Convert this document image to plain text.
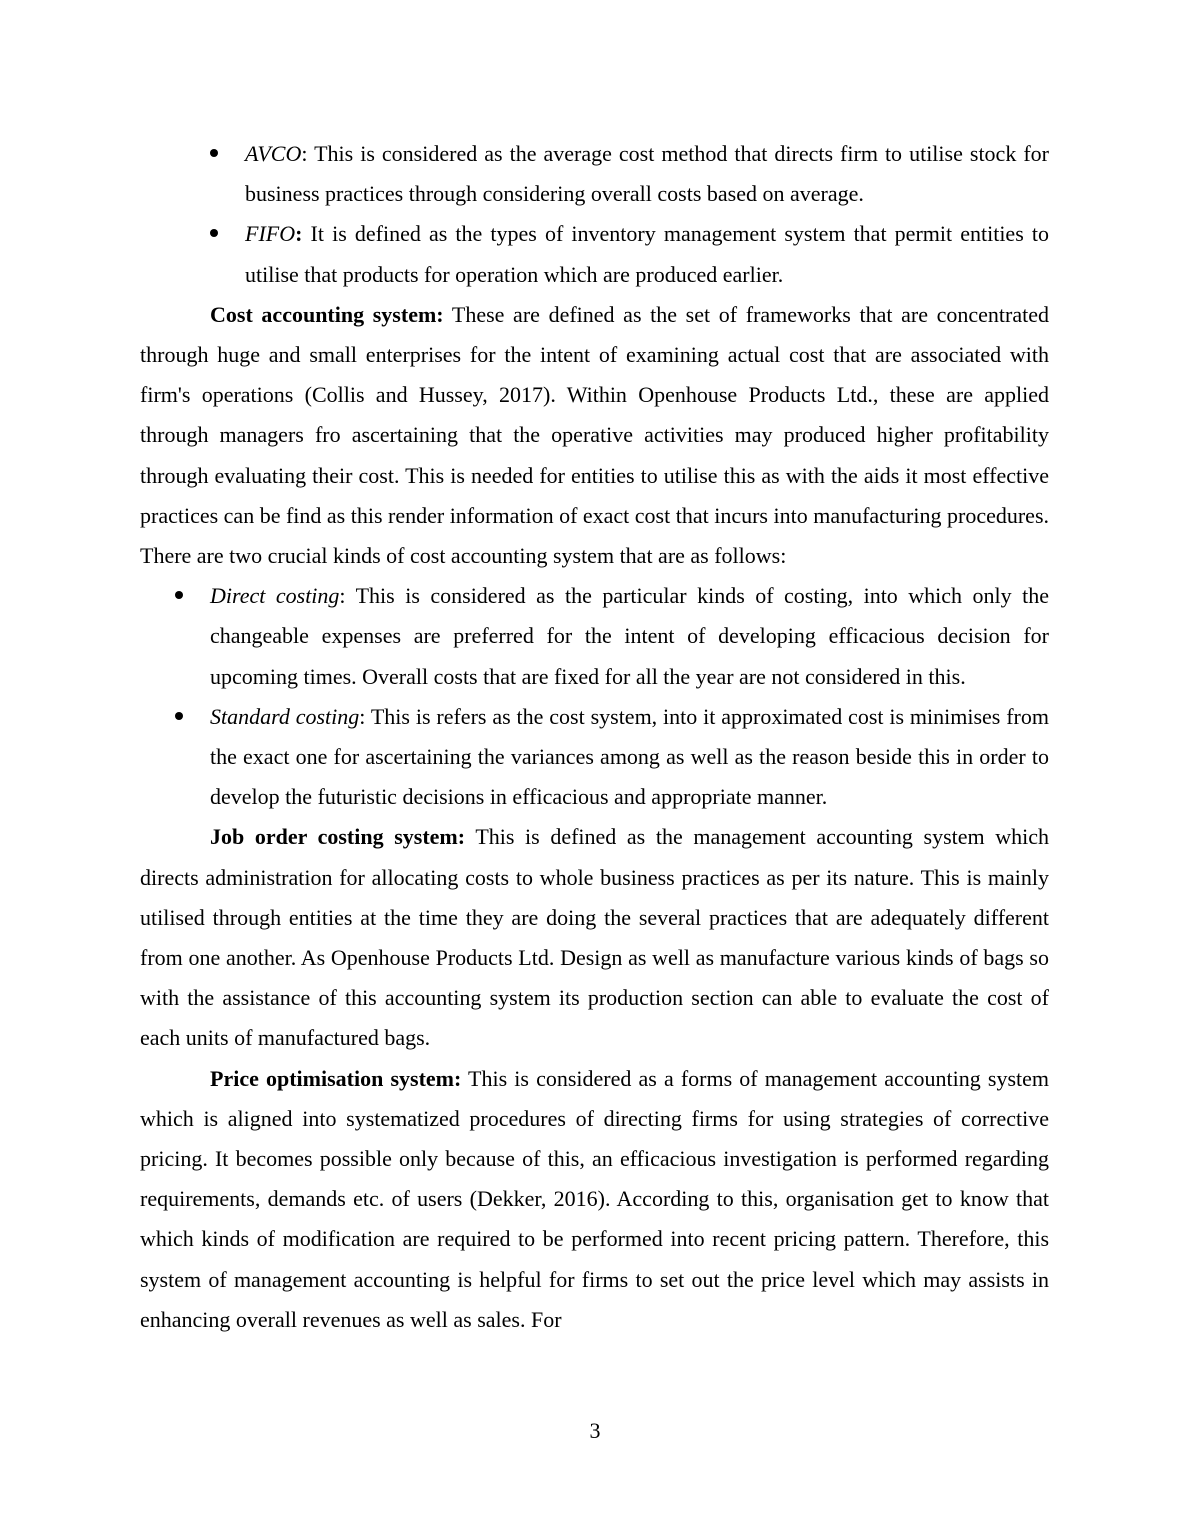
AVCO: This is considered as the average cost method that directs firm to utilise stock for business practices through considering overall costs based on average.
FIFO: It is defined as the types of inventory management system that permit entities to utilise that products for operation which are produced earlier.

Cost accounting system: These are defined as the set of frameworks that are concentrated through huge and small enterprises for the intent of examining actual cost that are associated with firm's operations (Collis and Hussey, 2017). Within Openhouse Products Ltd., these are applied through managers fro ascertaining that the operative activities may produced higher profitability through evaluating their cost. This is needed for entities to utilise this as with the aids it most effective practices can be find as this render information of exact cost that incurs into manufacturing procedures. There are two crucial kinds of cost accounting system that are as follows:

Direct costing: This is considered as the particular kinds of costing, into which only the changeable expenses are preferred for the intent of developing efficacious decision for upcoming times. Overall costs that are fixed for all the year are not considered in this.
Standard costing: This is refers as the cost system, into it approximated cost is minimises from the exact one for ascertaining the variances among as well as the reason beside this in order to develop the futuristic decisions in efficacious and appropriate manner.

Job order costing system: This is defined as the management accounting system which directs administration for allocating costs to whole business practices as per its nature. This is mainly utilised through entities at the time they are doing the several practices that are adequately different from one another. As Openhouse Products Ltd. Design as well as manufacture various kinds of bags so with the assistance of this accounting system its production section can able to evaluate the cost of each units of manufactured bags.

Price optimisation system: This is considered as a forms of management accounting system which is aligned into systematized procedures of directing firms for using strategies of corrective pricing. It becomes possible only because of this, an efficacious investigation is performed regarding requirements, demands etc. of users (Dekker, 2016). According to this, organisation get to know that which kinds of modification are required to be performed into recent pricing pattern. Therefore, this system of management accounting is helpful for firms to set out the price level which may assists in enhancing overall revenues as well as sales. For

3
